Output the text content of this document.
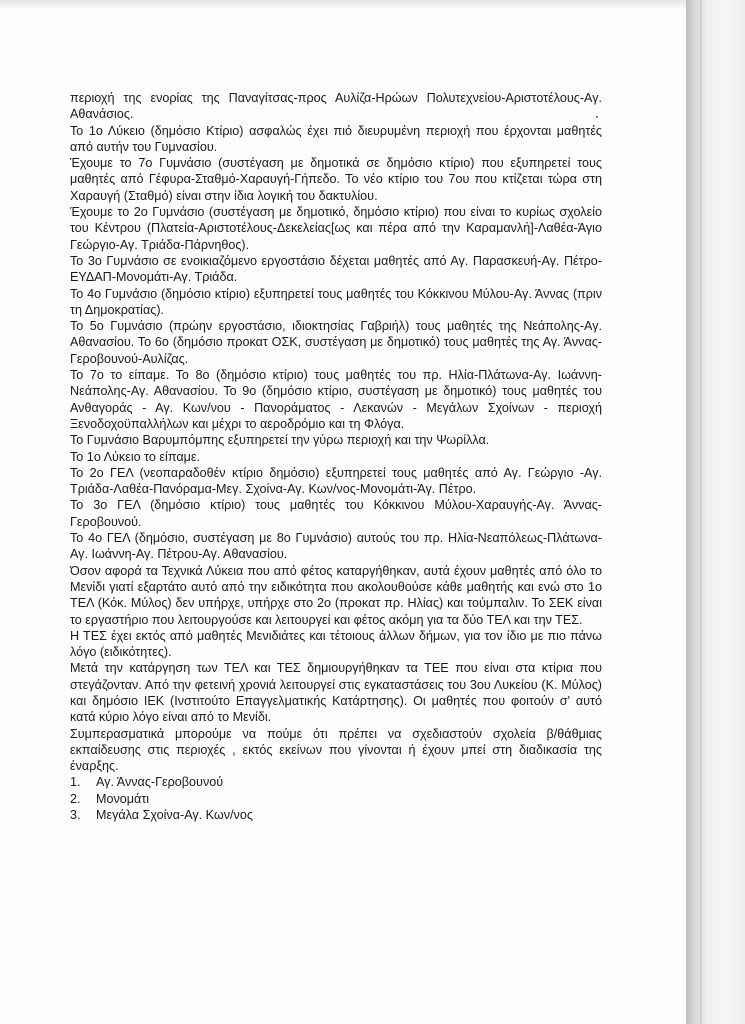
περιοχή της ενορίας της Παναγίτσας-προς Αυλίζα-Ηρώων Πολυτεχνείου-Αριστοτέλους-Αγ. Αθανάσιος.

Το 1ο Λύκειο (δημόσιο Κτίριο) ασφαλώς έχει πιό διευρυμένη περιοχή που έρχονται μαθητές από αυτήν του Γυμνασίου.

Έχουμε το 7ο Γυμνάσιο (συστέγαση με δημοτικά σε δημόσιο κτίριο) που εξυπηρετεί τους μαθητές από Γέφυρα-Σταθμό-Χαραυγή-Γήπεδο. Το νέο κτίριο του 7ου που κτίζεται τώρα στη Χαραυγή (Σταθμό) είναι στην ίδια λογική του δακτυλίου.

Έχουμε το 2ο Γυμνάσιο (συστέγαση με δημοτικό, δημόσιο κτίριο) που είναι το κυρίως σχολείο του Κέντρου (Πλατεία-Αριστοτέλους-Δεκελείας[ως και πέρα από την Καραμανλή]-Λαθέα-Άγιο Γεώργιο-Αγ. Τριάδα-Πάρνηθος).

Το 3ο Γυμνάσιο σε ενοικιαζόμενο εργοστάσιο δέχεται μαθητές από Αγ. Παρασκευή-Αγ. Πέτρο-ΕΥΔΑΠ-Μονομάτι-Αγ. Τριάδα.

Το 4ο Γυμνάσιο (δημόσιο κτίριο) εξυπηρετεί τους μαθητές του Κόκκινου Μύλου-Αγ. Άννας (πριν τη Δημοκρατίας).

Το 5ο Γυμνάσιο (πρώην εργοστάσιο, ιδιοκτησίας Γαβριήλ) τους μαθητές της Νεάπολης-Αγ. Αθανασίου. Το 6ο (δημόσιο προκατ ΟΣΚ, συστέγαση με δημοτικό) τους μαθητές της Αγ. Άννας-Γεροβουνού-Αυλίζας.

Το 7ο το είπαμε. Το 8ο (δημόσιο κτίριο) τους μαθητές του πρ. Ηλία-Πλάτωνα-Αγ. Ιωάννη-Νεάπολης-Αγ. Αθανασίου. Το 9ο (δημόσιο κτίριο, συστέγαση με δημοτικό) τους μαθητές του Ανθαγοράς - Αγ. Κων/νου - Πανοράματος - Λεκανών - Μεγάλων Σχοίνων - περιοχή Ξενοδοχοϋπαλλήλων και μέχρι το αεροδρόμιο και τη Φλόγα.

Το Γυμνάσιο Βαρυμπόμπης εξυπηρετεί την γύρω περιοχή και την Ψωρίλλα.

Το 1ο Λύκειο το είπαμε.

Το 2ο ΓΕΛ (νεοπαραδοθέν κτίριο δημόσιο) εξυπηρετεί τους μαθητές από Αγ. Γεώργιο -Αγ. Τριάδα-Λαθέα-Πανόραμα-Μεγ. Σχοίνα-Αγ. Κων/νος-Μονομάτι-Άγ. Πέτρο.

Το 3ο ΓΕΛ (δημόσιο κτίριο) τους μαθητές του Κόκκινου Μύλου-Χαραυγής-Αγ. Άννας-Γεροβουνού.

Το 4ο ΓΕΛ (δημόσιο, συστέγαση με 8ο Γυμνάσιο) αυτούς του πρ. Ηλία-Νεαπόλεως-Πλάτωνα-Αγ. Ιωάννη-Αγ. Πέτρου-Αγ. Αθανασίου.

Όσον αφορά τα Τεχνικά Λύκεια που από φέτος καταργήθηκαν, αυτά έχουν μαθητές από όλο το Μενίδι γιατί εξαρτάτο αυτό από την ειδικότητα που ακολουθούσε κάθε μαθητής και ενώ στο 1ο ΤΕΛ (Κόκ. Μύλος) δεν υπήρχε, υπήρχε στο 2ο (προκατ πρ. Ηλίας) και τούμπαλιν. Το ΣΕΚ είναι το εργαστήριο που λειτουργούσε και λειτουργεί και φέτος ακόμη για τα δύο ΤΕΛ και την ΤΕΣ.

Η ΤΕΣ έχει εκτός από μαθητές Μενιδιάτες και τέτοιους άλλων δήμων, για τον ίδιο με πιο πάνω λόγο (ειδικότητες).

Μετά την κατάργηση των ΤΕΛ και ΤΕΣ δημιουργήθηκαν τα ΤΕΕ που είναι στα κτίρια που στεγάζονταν. Από την φετεινή χρονιά λειτουργεί στις εγκαταστάσεις του 3ου Λυκείου (Κ. Μύλος) και δημόσιο ΙΕΚ (Ινστιτούτο Επαγγελματικής Κατάρτησης). Οι μαθητές που φοιτούν σ' αυτό κατά κύριο λόγο είναι από το Μενίδι.

Συμπερασματικά μπορούμε να πούμε ότι πρέπει να σχεδιαστούν σχολεία β/θάθμιας εκπαίδευσης στις περιοχές , εκτός εκείνων που γίνονται ή έχουν μπεί στη διαδικασία της έναρξης.

1.	Αγ. Άννας-Γεροβουνού
2.	Μονομάτι
3.	Μεγάλα Σχοίνα-Αγ. Κων/νος
